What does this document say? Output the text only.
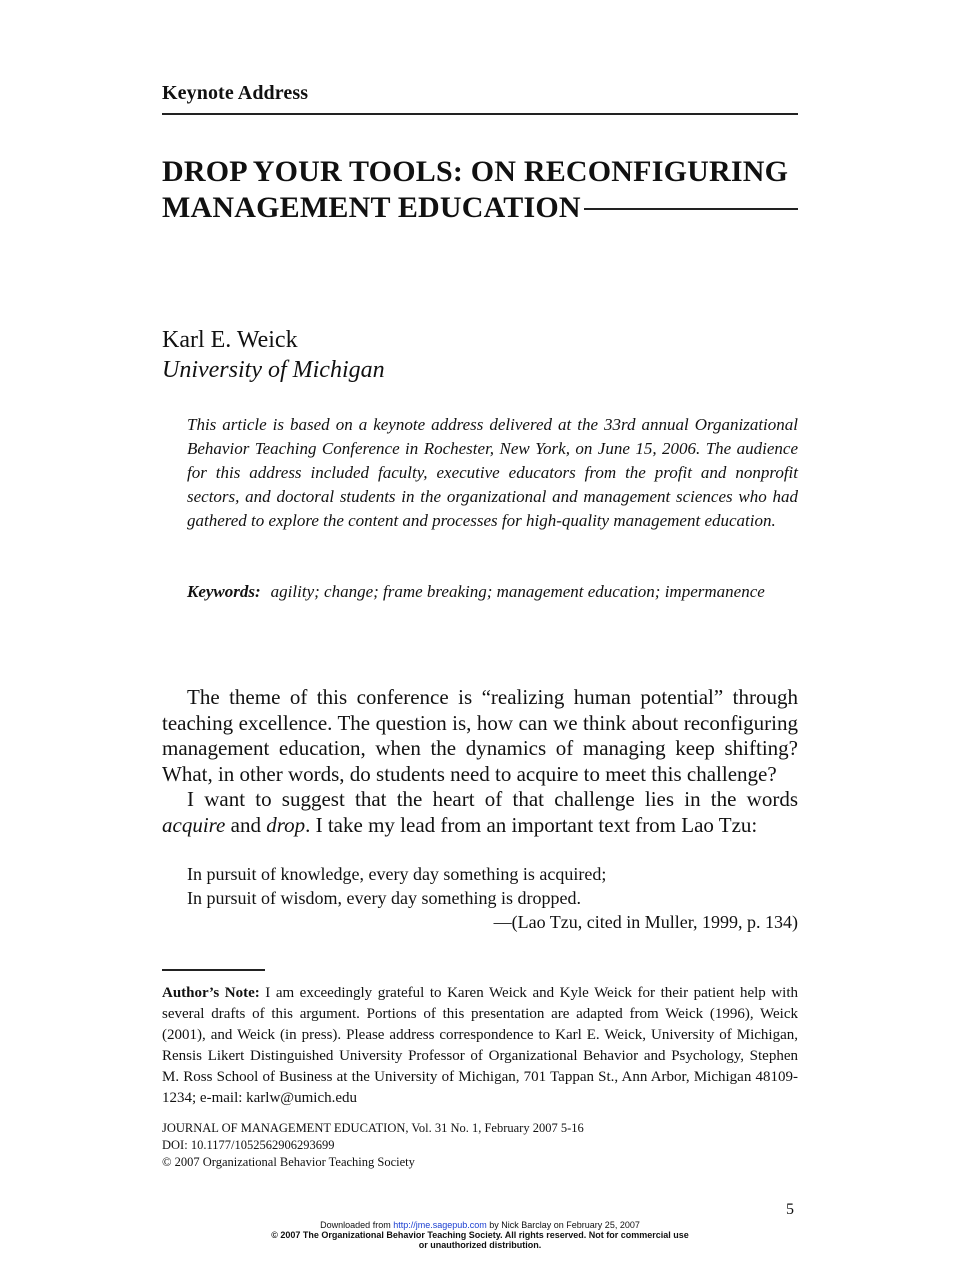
Keynote Address
DROP YOUR TOOLS: ON RECONFIGURING
MANAGEMENT EDUCATION
Karl E. Weick
University of Michigan

This article is based on a keynote address delivered at the 33rd annual Organizational Behavior Teaching Conference in Rochester, New York, on June 15, 2006. The audience for this address included faculty, executive educators from the profit and nonprofit sectors, and doctoral students in the organizational and management sciences who had gathered to explore the content and processes for high-quality management education.

Keywords: agility; change; frame breaking; management education; impermanence

The theme of this conference is “realizing human potential” through teaching excellence. The question is, how can we think about reconfiguring management education, when the dynamics of managing keep shifting? What, in other words, do students need to acquire to meet this challenge?

I want to suggest that the heart of that challenge lies in the words acquire and drop. I take my lead from an important text from Lao Tzu:

In pursuit of knowledge, every day something is acquired;
In pursuit of wisdom, every day something is dropped.
—(Lao Tzu, cited in Muller, 1999, p. 134)

Author’s Note: I am exceedingly grateful to Karen Weick and Kyle Weick for their patient help with several drafts of this argument. Portions of this presentation are adapted from Weick (1996), Weick (2001), and Weick (in press). Please address correspondence to Karl E. Weick, University of Michigan, Rensis Likert Distinguished University Professor of Organizational Behavior and Psychology, Stephen M. Ross School of Business at the University of Michigan, 701 Tappan St., Ann Arbor, Michigan 48109-1234; e-mail: karlw@umich.edu

JOURNAL OF MANAGEMENT EDUCATION, Vol. 31 No. 1, February 2007 5-16
DOI: 10.1177/1052562906293699
© 2007 Organizational Behavior Teaching Society
5
Downloaded from http://jme.sagepub.com by Nick Barclay on February 25, 2007
© 2007 The Organizational Behavior Teaching Society. All rights reserved. Not for commercial use
or unauthorized distribution.
